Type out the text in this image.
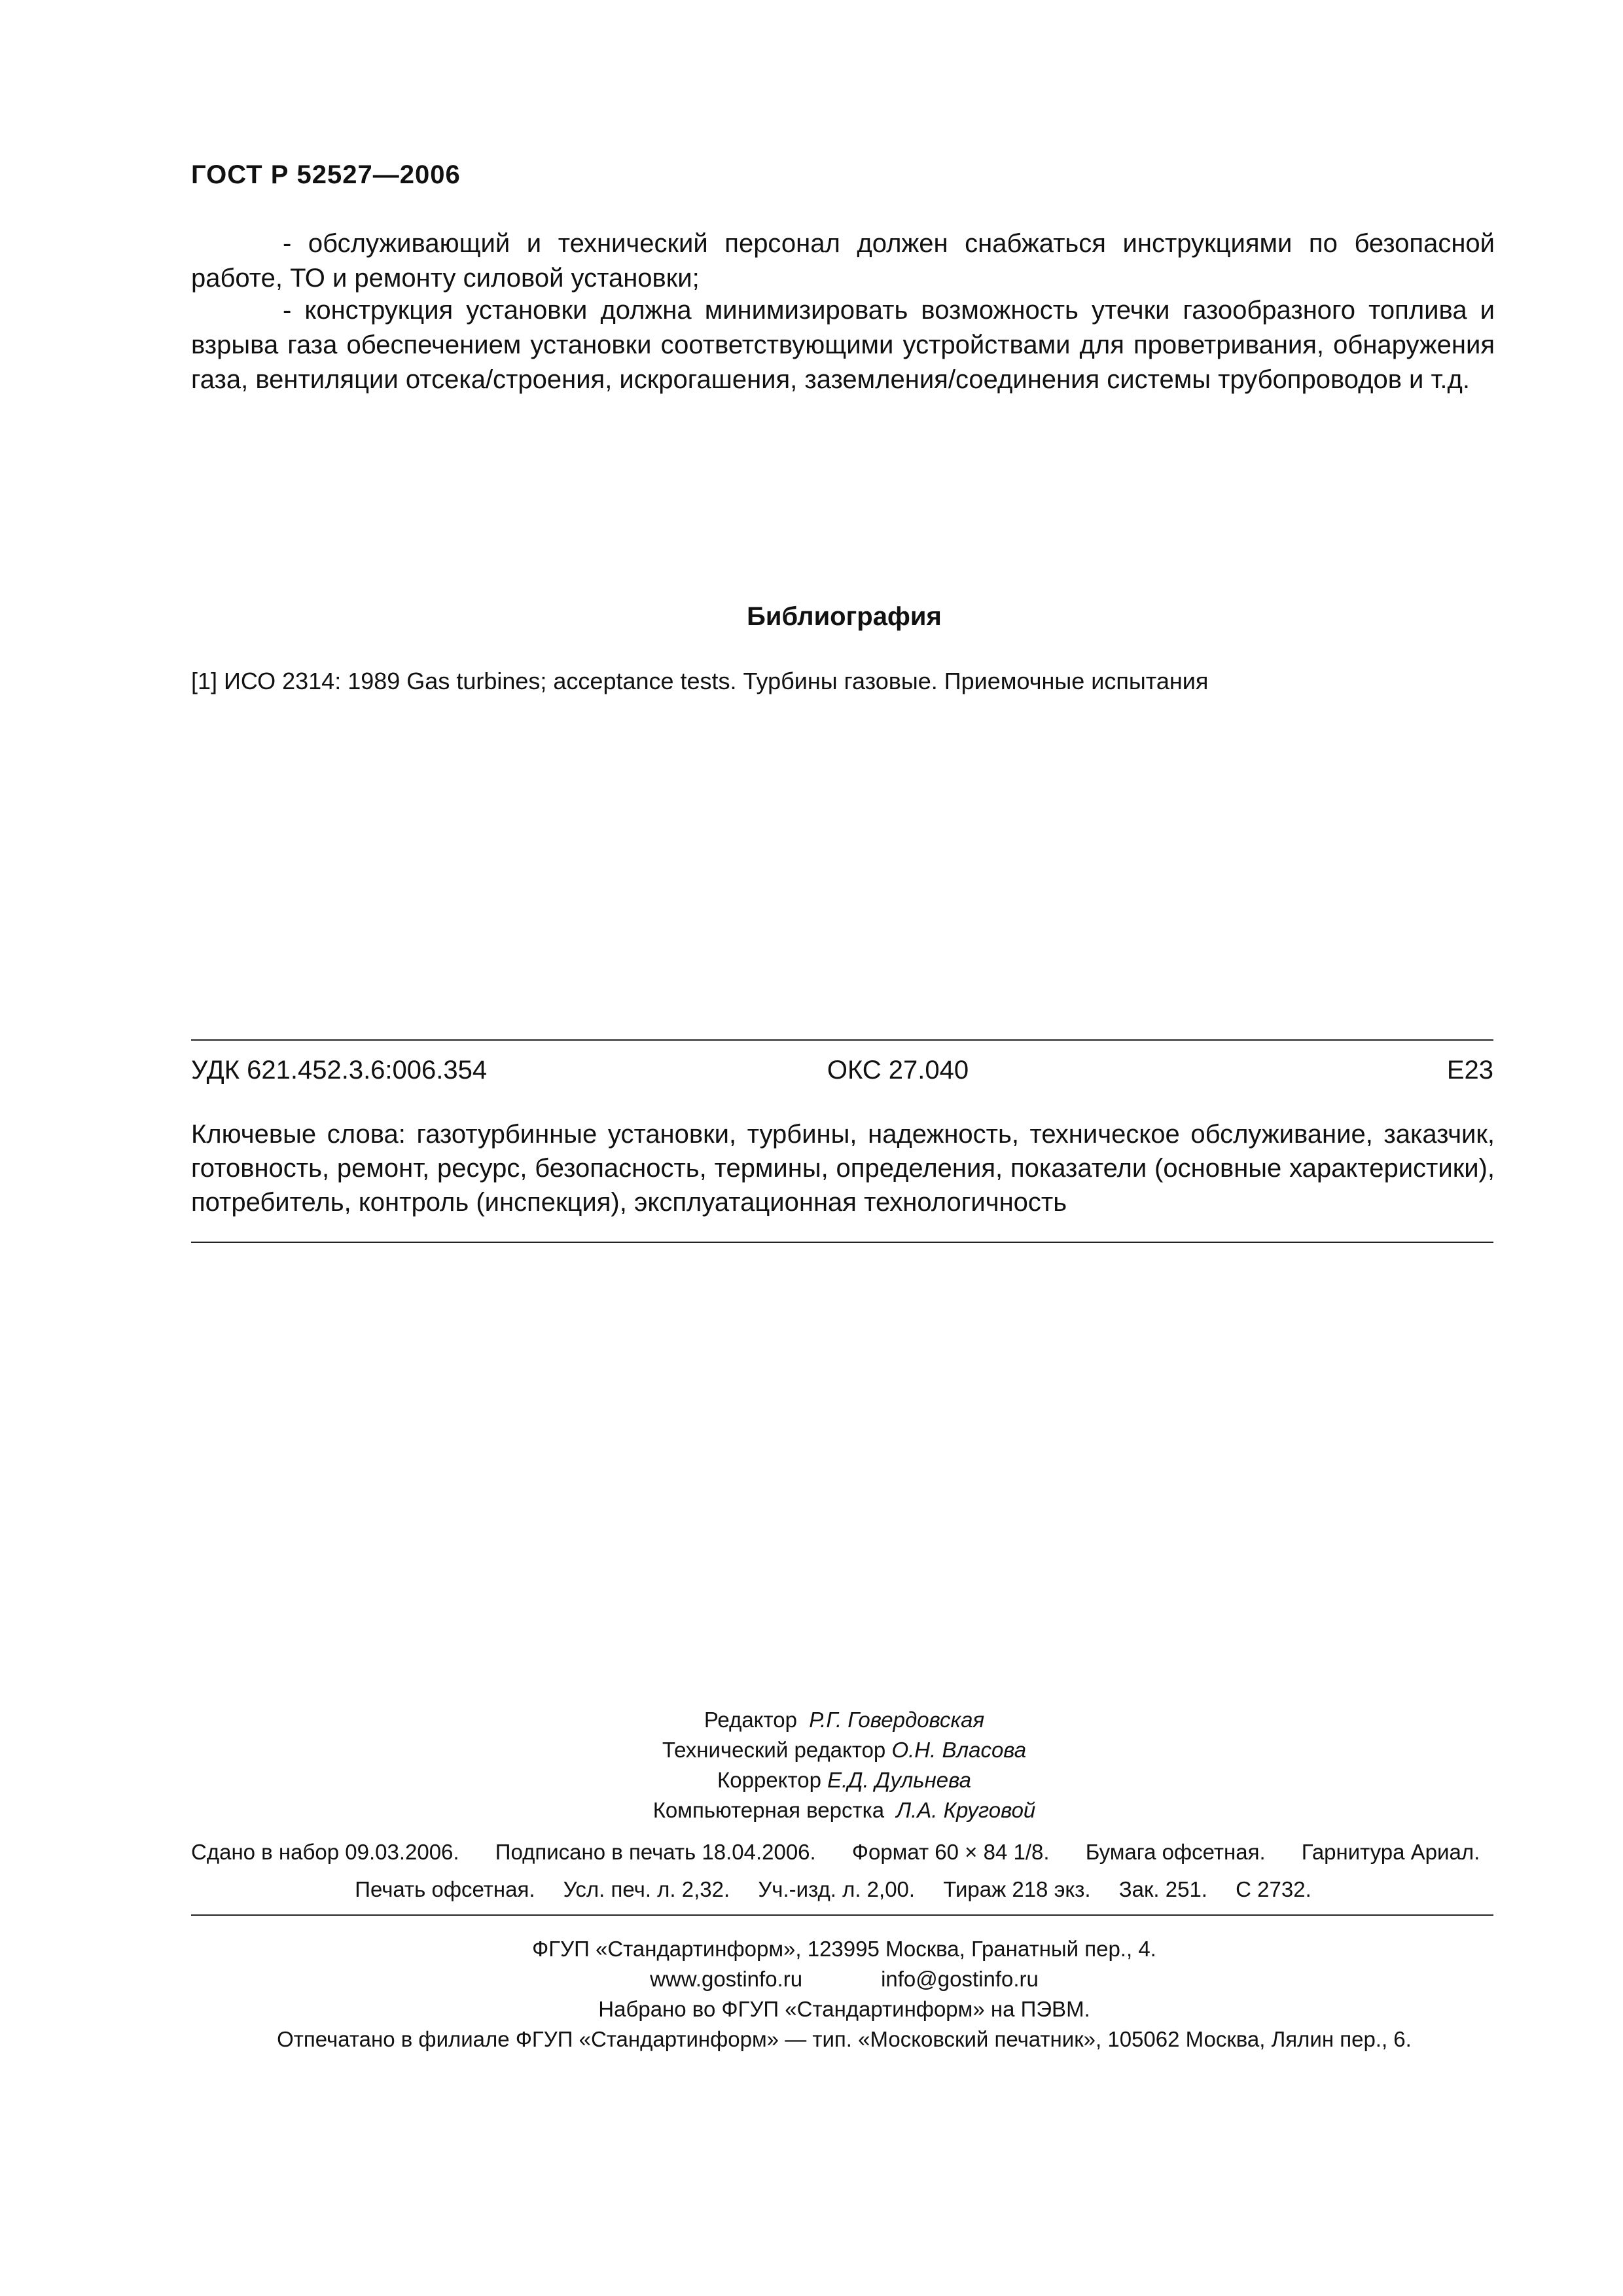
ГОСТ Р 52527—2006
- обслуживающий и технический персонал должен снабжаться инструкциями по безопасной работе, ТО и ремонту силовой установки;
- конструкция установки должна минимизировать возможность утечки газообразного топлива и взрыва газа обеспечением установки соответствующими устройствами для проветривания, обнаружения газа, вентиляции отсека/строения, искрогашения, заземления/соединения системы трубопроводов и т.д.
Библиография
[1] ИСО 2314: 1989 Gas turbines; acceptance tests. Турбины газовые. Приемочные испытания
УДК 621.452.3.6:006.354	ОКС 27.040	Е23
Ключевые слова: газотурбинные установки, турбины, надежность, техническое обслуживание, заказчик, готовность, ремонт, ресурс, безопасность, термины, определения, показатели (основные характеристики), потребитель, контроль (инспекция), эксплуатационная технологичность
Редактор Р.Г. Говердовская
Технический редактор О.Н. Власова
Корректор Е.Д. Дульнева
Компьютерная верстка Л.А. Круговой
Сдано в набор 09.03.2006. Подписано в печать 18.04.2006. Формат 60 × 84 1/8. Бумага офсетная. Гарнитура Ариал.
Печать офсетная. Усл. печ. л. 2,32. Уч.-изд. л. 2,00. Тираж 218 экз. Зак. 251. С 2732.
ФГУП «Стандартинформ», 123995 Москва, Гранатный пер., 4.
www.gostinfo.ru	info@gostinfo.ru
Набрано во ФГУП «Стандартинформ» на ПЭВМ.
Отпечатано в филиале ФГУП «Стандартинформ» — тип. «Московский печатник», 105062 Москва, Лялин пер., 6.
